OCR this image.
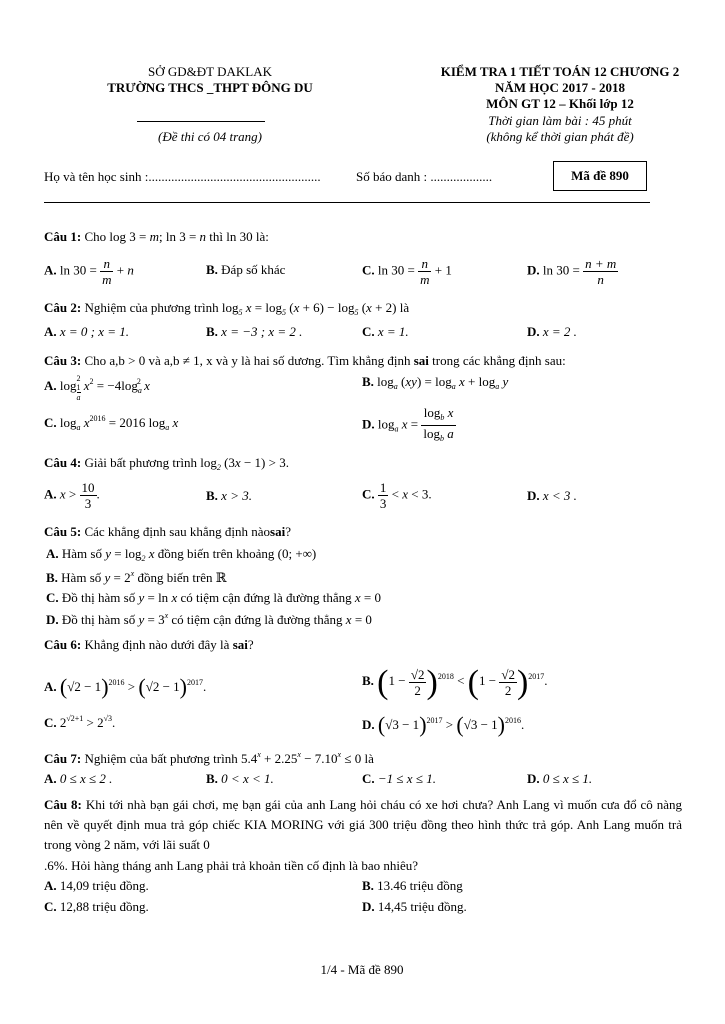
SỞ GD&ĐT DAKLAK
TRƯỜNG THCS _THPT ĐÔNG DU
(Đề thi có 04 trang)
KIỂM TRA 1 TIẾT TOÁN 12 CHƯƠNG 2
NĂM HỌC 2017 - 2018
MÔN GT 12 – Khối lớp 12
Thời gian làm bài : 45 phút
(không kể thời gian phát đề)
Họ và tên học sinh :.....................................................	Số báo danh : ...................	Mã đề 890
Câu 1: Cho log 3 = m; ln 3 = n thì ln 30 là:
A. $\ln 30 = \frac{n}{m} + n$	B. Đáp số khác	C. $\ln 30 = \frac{n}{m} + 1$	D. $\ln 30 = \frac{n + m}{n}$
Câu 2: Nghiệm của phương trình $\log_5 x = \log_5 (x + 6) - \log_5 (x + 2)$ là
A. x = 0 ; x = 1.	B. x = −3 ; x = 2 .	C. x = 1.	D. x = 2 .
Câu 3: Cho a,b > 0 và a,b ≠ 1, x và y là hai số dương. Tìm khẳng định sai trong các khẳng định sau:
A. log 2
1
a
$x^2 = -4\log_a^2$ x	B. $\log_a (xy) = \log_a x + \log_a y$
C. $\log_a x^{2016} = 2016$ $\log_a x$	D. $\log_a x = \frac{\log_b x}{\log_b a}$
Câu 4: Giải bất phương trình $\log_2 (3x - 1) > 3$.
A. $x > \frac{10}{3}$ .	B. x > 3.	C. $\frac{1}{3} < x < 3$.	D. x < 3 .
Câu 5: Các khẳng định sau khẳng định nàosai?
A. Hàm số $y = \log_2 x$ đồng biến trên khoảng (0; +∞)
B. Hàm số $y = 2^x$ đồng biến trên ℝ
C. Đồ thị hàm số y = ln x có tiệm cận đứng là đường thẳng x = 0
D. Đồ thị hàm số $y = 3^x$ có tiệm cận đứng là đường thẳng x = 0
Câu 6: Khẳng định nào dưới đây là sai?
A. $(√2 - 1)^{2016} > (√2 - 1)^{2017}$.	B. $(1 - \frac{√2}{2} )^{2018} < (1 - \frac{√2}{2} )^{2017}$.
C. $2^{√2+1} > 2^{√3}$.	D. $(√3 - 1)^{2017} > (√3 - 1)^{2016}$.
Câu 7: Nghiệm của bất phương trình $5.4^x + 2.25^x - 7.10^x \le 0$ là
A. 0 ≤ x ≤ 2 .	B. 0 < x < 1.	C. −1 ≤ x ≤ 1.	D. 0 ≤ x ≤ 1.
Câu 8: Khi tới nhà bạn gái chơi, mẹ bạn gái của anh Lang hỏi cháu có xe hơi chưa? Anh Lang vì muốn cưa đổ cô nàng nên về quyết định mua trả góp chiếc KIA MORING với giá 300 triệu đồng theo hình thức trả góp. Anh Lang muốn trả trong vòng 2 năm, với lãi suất 0
.6%. Hỏi hàng tháng anh Lang phải trả khoản tiền cố định là bao nhiêu?
A. 14,09 triệu đồng.	B. 13.46 triệu đồng
C. 12,88 triệu đồng.	D. 14,45 triệu đồng.
1/4 - Mã đề 890
